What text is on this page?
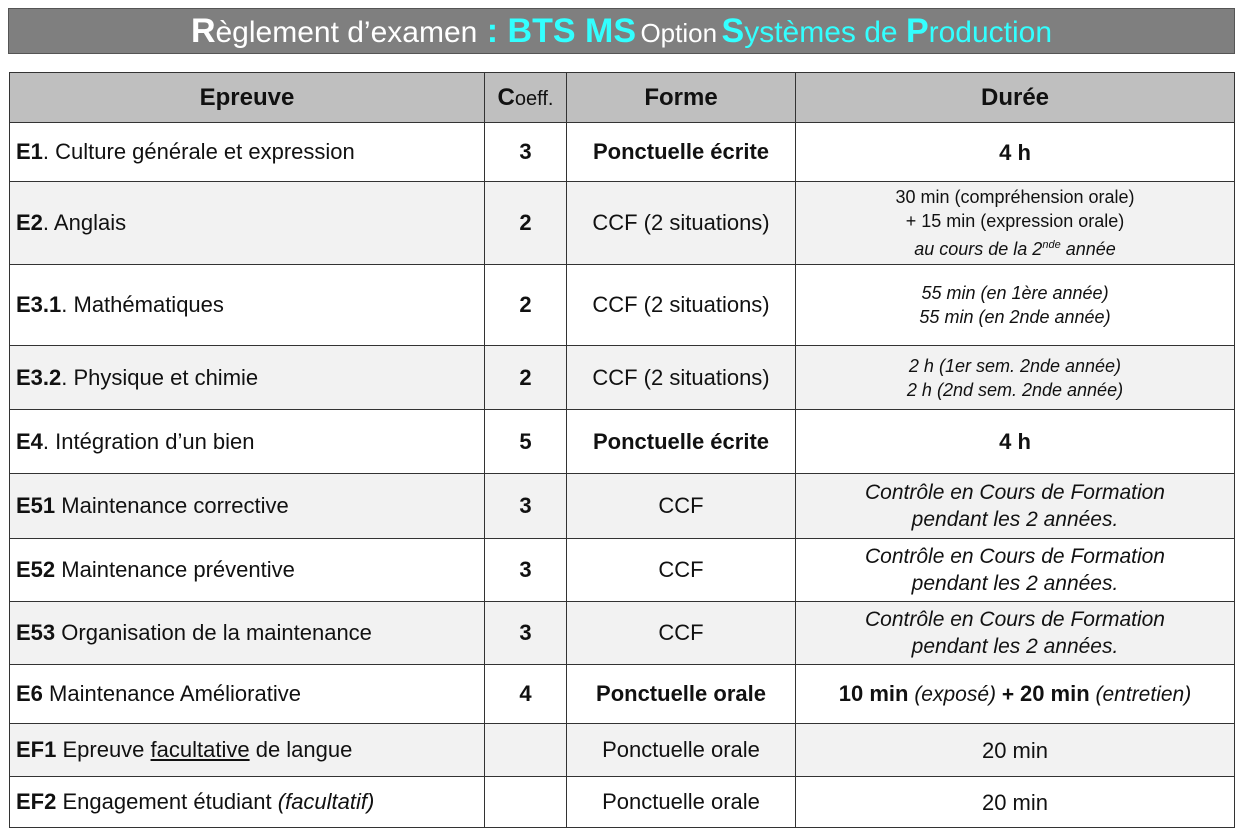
Règlement d’examen : BTS MS Option Systèmes de Production
Epreuve	Coeff.	Forme	Durée
E1. Culture générale et expression	3	Ponctuelle écrite	4 h
E2. Anglais	2	CCF (2 situations)	30 min (compréhension orale)
+ 15 min (expression orale)
au cours de la 2nde année

E3.1. Mathématiques	2	CCF (2 situations)	55 min (en 1ère année)
55 min (en 2nde année)

E3.2. Physique et chimie	2	CCF (2 situations)	2 h (1er sem. 2nde année)
2 h (2nd sem. 2nde année)

E4. Intégration d’un bien	5	Ponctuelle écrite	4 h
E51 Maintenance corrective	3	CCF	Contrôle en Cours de Formation
pendant les 2 années.

E52 Maintenance préventive	3	CCF	Contrôle en Cours de Formation
pendant les 2 années.

E53 Organisation de la maintenance	3	CCF	Contrôle en Cours de Formation
pendant les 2 années.

E6 Maintenance Améliorative	4	Ponctuelle orale	10 min (exposé) + 20 min (entretien)
EF1 Epreuve facultative de langue		Ponctuelle orale	20 min
EF2 Engagement étudiant (facultatif)		Ponctuelle orale	20 min
